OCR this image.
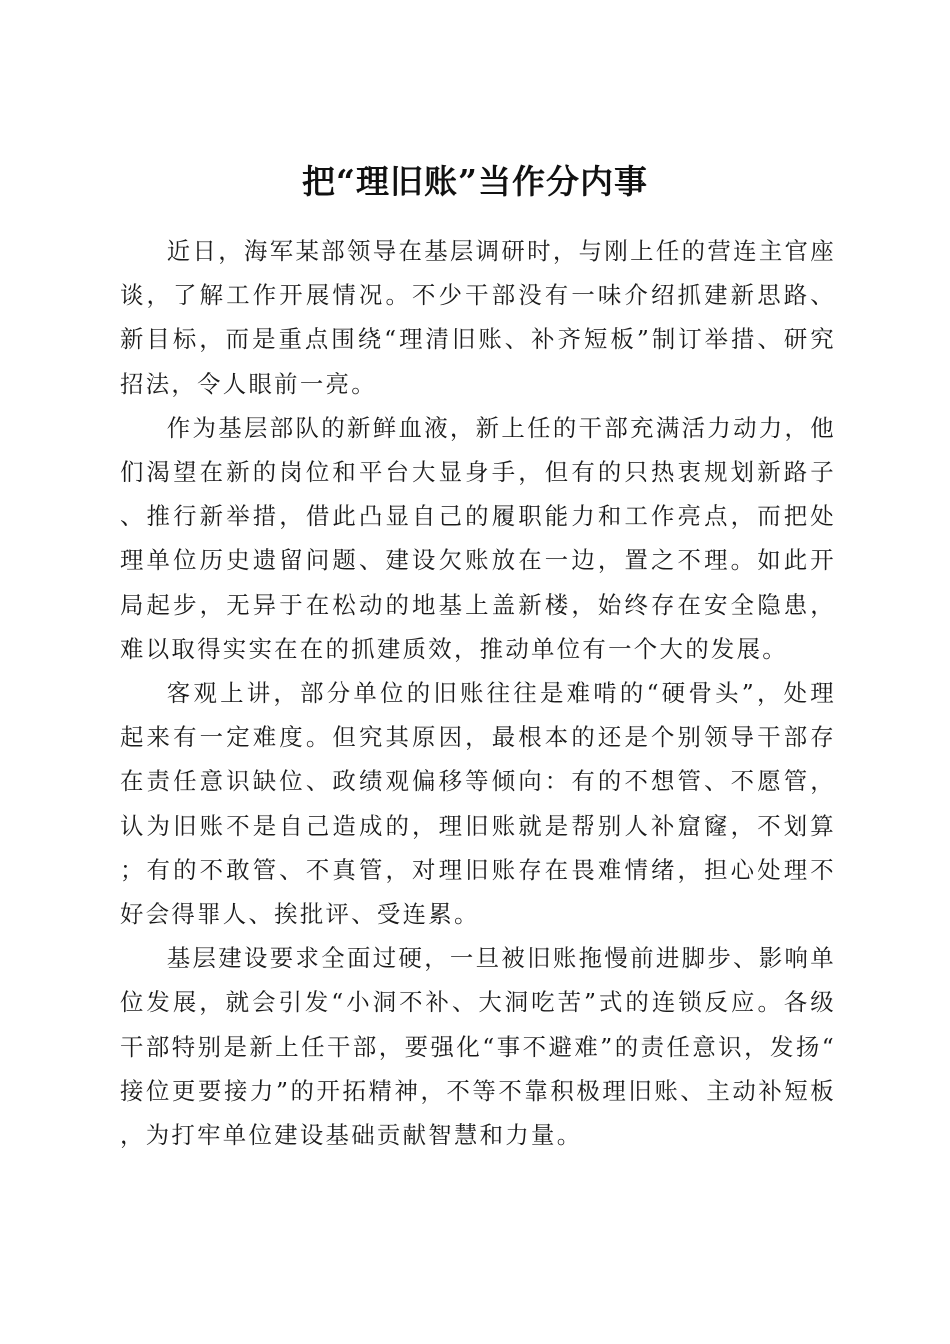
把“理旧账”当作分内事

近日，海军某部领导在基层调研时，与刚上任的营连主官座谈，了解工作开展情况。不少干部没有一味介绍抓建新思路、新目标，而是重点围绕“理清旧账、补齐短板”制订举措、研究招法，令人眼前一亮。

作为基层部队的新鲜血液，新上任的干部充满活力动力，他们渴望在新的岗位和平台大显身手，但有的只热衷规划新路子、推行新举措，借此凸显自己的履职能力和工作亮点，而把处理单位历史遗留问题、建设欠账放在一边，置之不理。如此开局起步，无异于在松动的地基上盖新楼，始终存在安全隐患，难以取得实实在在的抓建质效，推动单位有一个大的发展。

客观上讲，部分单位的旧账往往是难啃的“硬骨头”，处理起来有一定难度。但究其原因，最根本的还是个别领导干部存在责任意识缺位、政绩观偏移等倾向：有的不想管、不愿管，认为旧账不是自己造成的，理旧账就是帮别人补窟窿，不划算；有的不敢管、不真管，对理旧账存在畏难情绪，担心处理不好会得罪人、挨批评、受连累。

基层建设要求全面过硬，一旦被旧账拖慢前进脚步、影响单位发展，就会引发“小洞不补、大洞吃苦”式的连锁反应。各级干部特别是新上任干部，要强化“事不避难”的责任意识，发扬“接位更要接力”的开拓精神，不等不靠积极理旧账、主动补短板，为打牢单位建设基础贡献智慧和力量。
